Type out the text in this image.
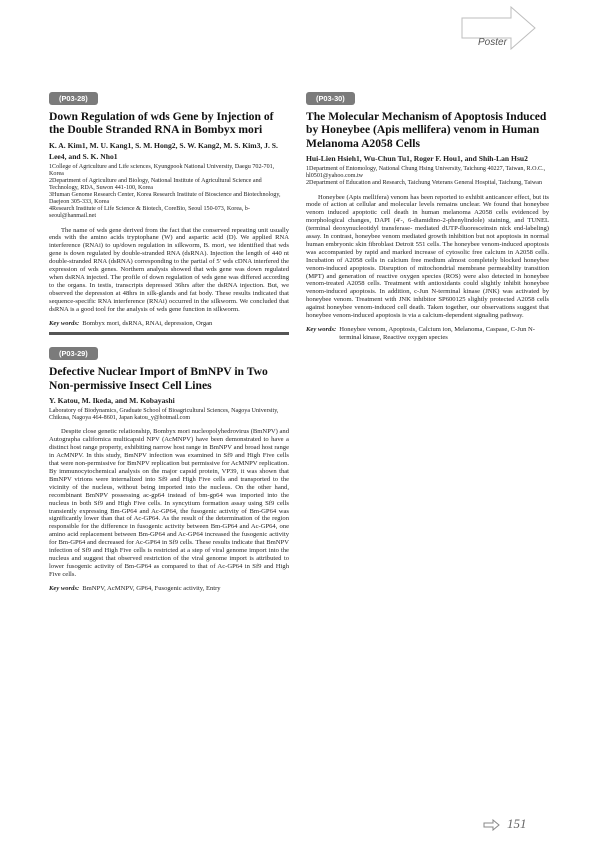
Poster
(P03-28)
Down Regulation of wds Gene by Injection of the Double Stranded RNA in Bombyx mori
K. A. Kim1, M. U. Kang1, S. M. Hong2, S. W. Kang2, M. S. Kim3, J. S. Lee4, and S. K. Nho1
1College of Agriculture and Life sciences, Kyungpook National University, Daegu 702-701, Korea
2Department of Agriculture and Biology, National Institute of Agricultural Science and Technology, RDA, Suwon 441-100, Korea
3Human Genome Research Center, Korea Research Institute of Bioscience and Biotechnology, Daejeon 305-333, Korea
4Research Institute of Life Science & Biotech, CoreBio, Seoul 150-073, Korea, b-seoul@hanmail.net

The name of wds gene derived from the fact that the conserved repeating unit usually ends with the amino acids tryptophane (W) and aspartic acid (D). We applied RNA interference (RNAi) to up/down regulation in silkworm, B. mori, we identified that wds gene is down regulated by double-stranded RNA (dsRNA). Injection the length of 440 nt double-stranded RNA (dsRNA) corresponding to the partial of 5' wds cDNA interfered the expression of wds genes. Northern analysis showed that wds gene was down regulated when dsRNA injected. The profile of down regulation of wds gene was differed according to the organs. In testis, transcripts depressed 36hrs after the dsRNA injection. But, we observed the depression at 48hrs in silk-glands and fat body. These results indicated that sequence-specific RNA interference (RNAi) occurred in the silkworm. We concluded that dsRNA is a good tool for the analysis of wds gene function in silkworm.

Key words: Bombyx mori, dsRNA, RNAi, depression, Organ
(P03-29)
Defective Nuclear Import of BmNPV in Two Non-permissive Insect Cell Lines
Y. Katou, M. Ikeda, and M. Kobayashi
Laboratory of Biodynamics, Graduate School of Bioagricultural Sciences, Nagoya University, Chikusa, Nagoya 464-8601, Japan katou_y@hotmail.com

Despite close genetic relationship, Bombyx mori nucleopolyhedrovirus (BmNPV) and Autographa californica multicapsid NPV (AcMNPV) have been demonstrated to have a distinct host range property, exhibiting narrow host range in BmNPV and broad host range in AcMNPV. In this study, BmNPV infection was examined in Sf9 and High Five cells that were non-permissive for BmNPV replication but permissive for AcMNPV replication. By immunocytochemical analysis on the major capsid protein, VP39, it was shown that BmNPV virions were internalized into Sf9 and High Five cells and transported to the vicinity of the nucleus, without being imported into the nucleus. On the other hand, recombinant BmNPV possessing ac-gp64 instead of bm-gp64 was imported into the nucleus in both Sf9 and High Five cells. In syncytium formation assay using Sf9 cells transiently expressing Bm-GP64 and Ac-GP64, the fusogenic activity of Bm-GP64 was significantly lower than that of Ac-GP64. As the result of the determination of the region responsible for the difference in fusogenic activity between Bm-GP64 and Ac-GP64, one amino acid replacement between Bm-GP64 and Ac-GP64 increased the fusogenic activity for Bm-GP64 and decreased for Ac-GP64 in Sf9 cells. These results indicate that BmNPV infection of Sf9 and High Five cells is restricted at a step of viral genome import into the nucleus and suggest that observed restriction of the viral genome import is attributed to lower fusogenic activity of Bm-GP64 as compared to that of Ac-GP64 in Sf9 and High Five cells.

Key words: BmNPV, AcMNPV, GP64, Fusogenic activity, Entry
(P03-30)
The Molecular Mechanism of Apoptosis Induced by Honeybee (Apis mellifera) venom in Human Melanoma A2058 Cells
Hui-Lien Hsieh1, Wu-Chun Tu1, Roger F. Hou1, and Shih-Lan Hsu2
1Department of Entomology, National Chung Hsing University, Taichung 40227, Taiwan, R.O.C., hl0501@yahoo.com.tw
2Department of Education and Research, Taichung Veterans General Hospital, Taichung, Taiwan

Honeybee (Apis mellifera) venom has been reported to exhibit anticancer effect, but its mode of action at cellular and molecular levels remains unclear. We found that honeybee venom induced apoptotic cell death in human melanoma A2058 cells evidenced by morphological changes, DAPI (4′-, 6-diamidino-2-phenylindole) staining, and TUNEL (terminal deoxynucleotidyl transferase- mediated dUTP-fluoresceinsin nick end-labeling) assay. In contrast, honeybee venom mediated growth inhibition but not apoptosis in normal human embryonic skin fibroblast Detroit 551 cells. The honeybee venom-induced apoptosis was accompanied by rapid and marked increase of cytosolic free calcium in A2058 cells. Incubation of A2058 cells in calcium free medium almost completely blocked honeybee venom-induced apoptosis. Disruption of mitochondrial membrane permeability transition (MPT) and generation of reactive oxygen species (ROS) were also detected in honeybee venom-treated A2058 cells. Treatment with antioxidants could slightly inhibit honeybee venom-induced apoptosis. In addition, c-Jun N-terminal kinase (JNK) was activated by honeybee venom. Treatment with JNK inhibitor SP600125 slightly protected A2058 cells against honeybee venom-induced cell death. Taken together, our observations suggest that honeybee venom-induced apoptosis is via a calcium-dependent signaling pathway.

Key words: Honeybee venom, Apoptosis, Calcium ion, Melanoma, Caspase, C-Jun N-terminal kinase, Reactive oxygen species
151
